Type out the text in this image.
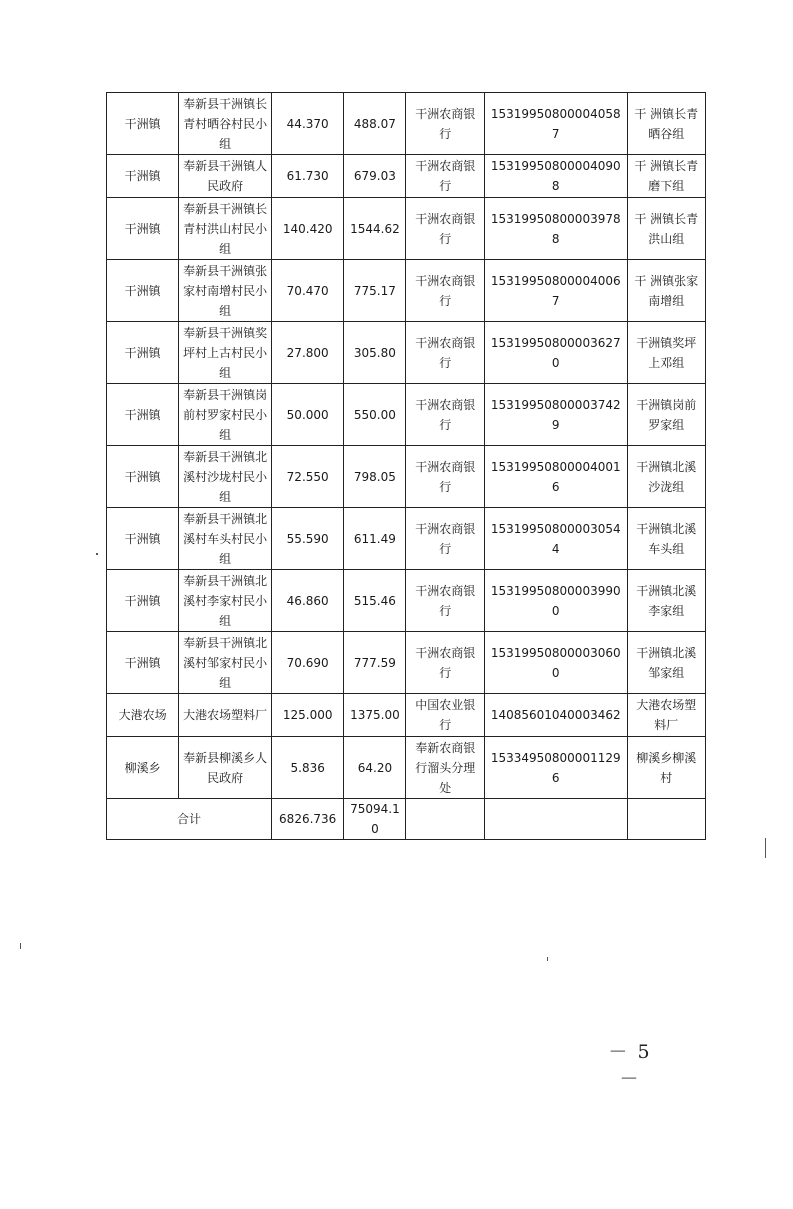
干洲镇	奉新县干洲镇长青村晒谷村民小组	44.370	488.07	干洲农商银行	153199508000040587	干 洲镇长青晒谷组
干洲镇	奉新县干洲镇人民政府	61.730	679.03	干洲农商银行	153199508000040908	干 洲镇长青磨下组
干洲镇	奉新县干洲镇长青村洪山村民小组	140.420	1544.62	干洲农商银行	153199508000039788	干 洲镇长青洪山组
干洲镇	奉新县干洲镇张家村南增村民小组	70.470	775.17	干洲农商银行	153199508000040067	干 洲镇张家南增组
干洲镇	奉新县干洲镇奖坪村上古村民小组	27.800	305.80	干洲农商银行	153199508000036270	干洲镇奖坪上邓组
干洲镇	奉新县干洲镇岗前村罗家村民小组	50.000	550.00	干洲农商银行	153199508000037429	干洲镇岗前罗家组
干洲镇	奉新县干洲镇北溪村沙垅村民小组	72.550	798.05	干洲农商银行	153199508000040016	干洲镇北溪沙泷组
干洲镇	奉新县干洲镇北溪村车头村民小组	55.590	611.49	干洲农商银行	153199508000030544	干洲镇北溪车头组
干洲镇	奉新县干洲镇北溪村李家村民小组	46.860	515.46	干洲农商银行	153199508000039900	干洲镇北溪李家组
干洲镇	奉新县干洲镇北溪村邹家村民小组	70.690	777.59	干洲农商银行	153199508000030600	干洲镇北溪邹家组
大港农场	大港农场塑料厂	125.000	1375.00	中国农业银行	14085601040003462	大港农场塑料厂
柳溪乡	奉新县柳溪乡人民政府	5.836	64.20	奉新农商银行溜头分理处	153349508000011296	柳溪乡柳溪村
合计		6826.736	75094.10			
－ 5 －
